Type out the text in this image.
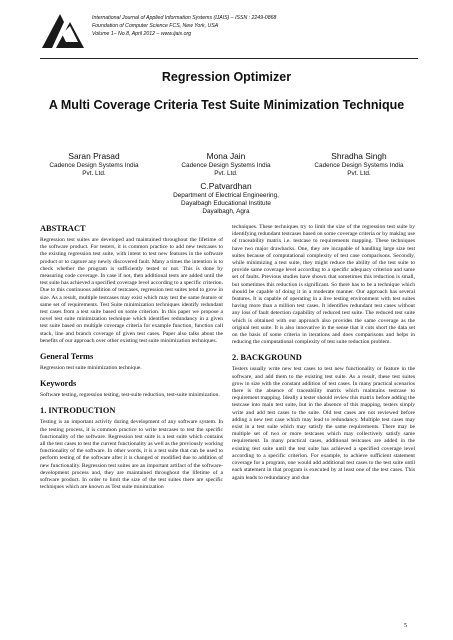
International Journal of Applied Information Systems (IJAIS) – ISSN : 2249-0868
Foundation of Computer Science FCS, New York, USA
Volume 1– No.8, April 2012 – www.ijais.org
Regression Optimizer
A Multi Coverage Criteria Test Suite Minimization Technique
Saran Prasad
Cadence Design Systems India
Pvt. Ltd.
Mona Jain
Cadence Design Systems India
Pvt. Ltd.
Shradha Singh
Cadence Design Systems India
Pvt. Ltd.
C.Patvardhan
Department of Electrical Engineering,
Dayalbagh Educational Institute
Dayalbagh, Agra
ABSTRACT

Regression test suites are developed and maintained throughout the lifetime of the software product. For testers, it is common practice to add new testcases to the existing regression test suite, with intent to test new features in the software product or to capture any newly discovered fault. Many a times the intention is to check whether the program is sufficiently tested or not. This is done by measuring code coverage. In case if not, then additional tests are added until the test suite has achieved a specified coverage level according to a specific criterion. Due to this continuous addition of testcases, regression test suites tend to grow in size. As a result, multiple testcases may exist which may test the same feature or same set of requirements. Test Suite minimization techniques identify redundant test cases from a test suite based on some criterion. In this paper we propose a novel test suite minimization technique which identifies redundancy in a given test suite based on multiple coverage criteria for example function, function call stack, line and branch coverage of given test cases. Paper also talks about the benefits of our approach over other existing test suite minimization techniques.

General Terms

Regression test suite minimization technique.

Keywords

Software testing, regression testing, test-suite reduction, test-suite minimization.

1. INTRODUCTION

Testing is an important activity during development of any software system. In the testing process, it is common practice to write testcases to test the specific functionality of the software. Regression test suite is a test suite which contains all the test cases to test the current functionality as well as the previously working functionality of the software. In other words, it is a test suite that can be used to perform testing of the software after it is changed or modified due to addition of new functionality. Regression test suites are an important artifact of the software-development process and, they are maintained throughout the lifetime of a software product. In order to limit the size of the test suites there are specific techniques which are known as Test suite minimization

techniques. These techniques try to limit the size of the regression test suite by identifying redundant testcases based on some coverage criteria or by making use of traceability matrix i.e. testcase to requirements mapping. These techniques have two major drawbacks. One, they are incapable of handling large size test suites because of computational complexity of test case comparisons. Secondly, while minimizing a test suite, they might reduce the ability of the test suite to provide same coverage level according to a specific adequacy criterion and same set of faults. Previous studies have shown that sometimes this reduction is small, but sometimes this reduction is significant. So there has to be a technique which should be capable of doing it in a moderate manner. Our approach has several features. It is capable of operating in a live testing environment with test suites having more than a million test cases. It identifies redundant test cases without any loss of fault detection capability of reduced test suite. The reduced test suite which is obtained with our approach also provides the same coverage as the original test suite. It is also innovative in the sense that it cuts short the data set on the basis of some criteria in iterations and does comparisons and helps in reducing the computational complexity of test suite reduction problem.

2. BACKGROUND

Testers usually write new test cases to test new functionality or feature in the software, and add them to the existing test suite. As a result, these test suites grow in size with the constant addition of test cases. In many practical scenarios there is the absence of traceability matrix which maintains testcase to requirement mapping. Ideally a tester should review this matrix before adding the testcase into main test suite, but in the absence of this mapping, testers simply write and add test cases to the suite. Old test cases are not reviewed before adding a new test case which may lead to redundancy. Multiple test cases may exist in a test suite which may satisfy the same requirements. There may be multiple set of two or more testcases which may collectively satisfy same requirement. In many practical cases, additional testcases are added in the existing test suite until the test suite has achieved a specified coverage level according to a specific criterion. For example, to achieve sufficient statement coverage for a program, one would add additional test cases to the test suite until each statement in that program is executed by at least one of the test cases. This again leads to redundancy and due

5
